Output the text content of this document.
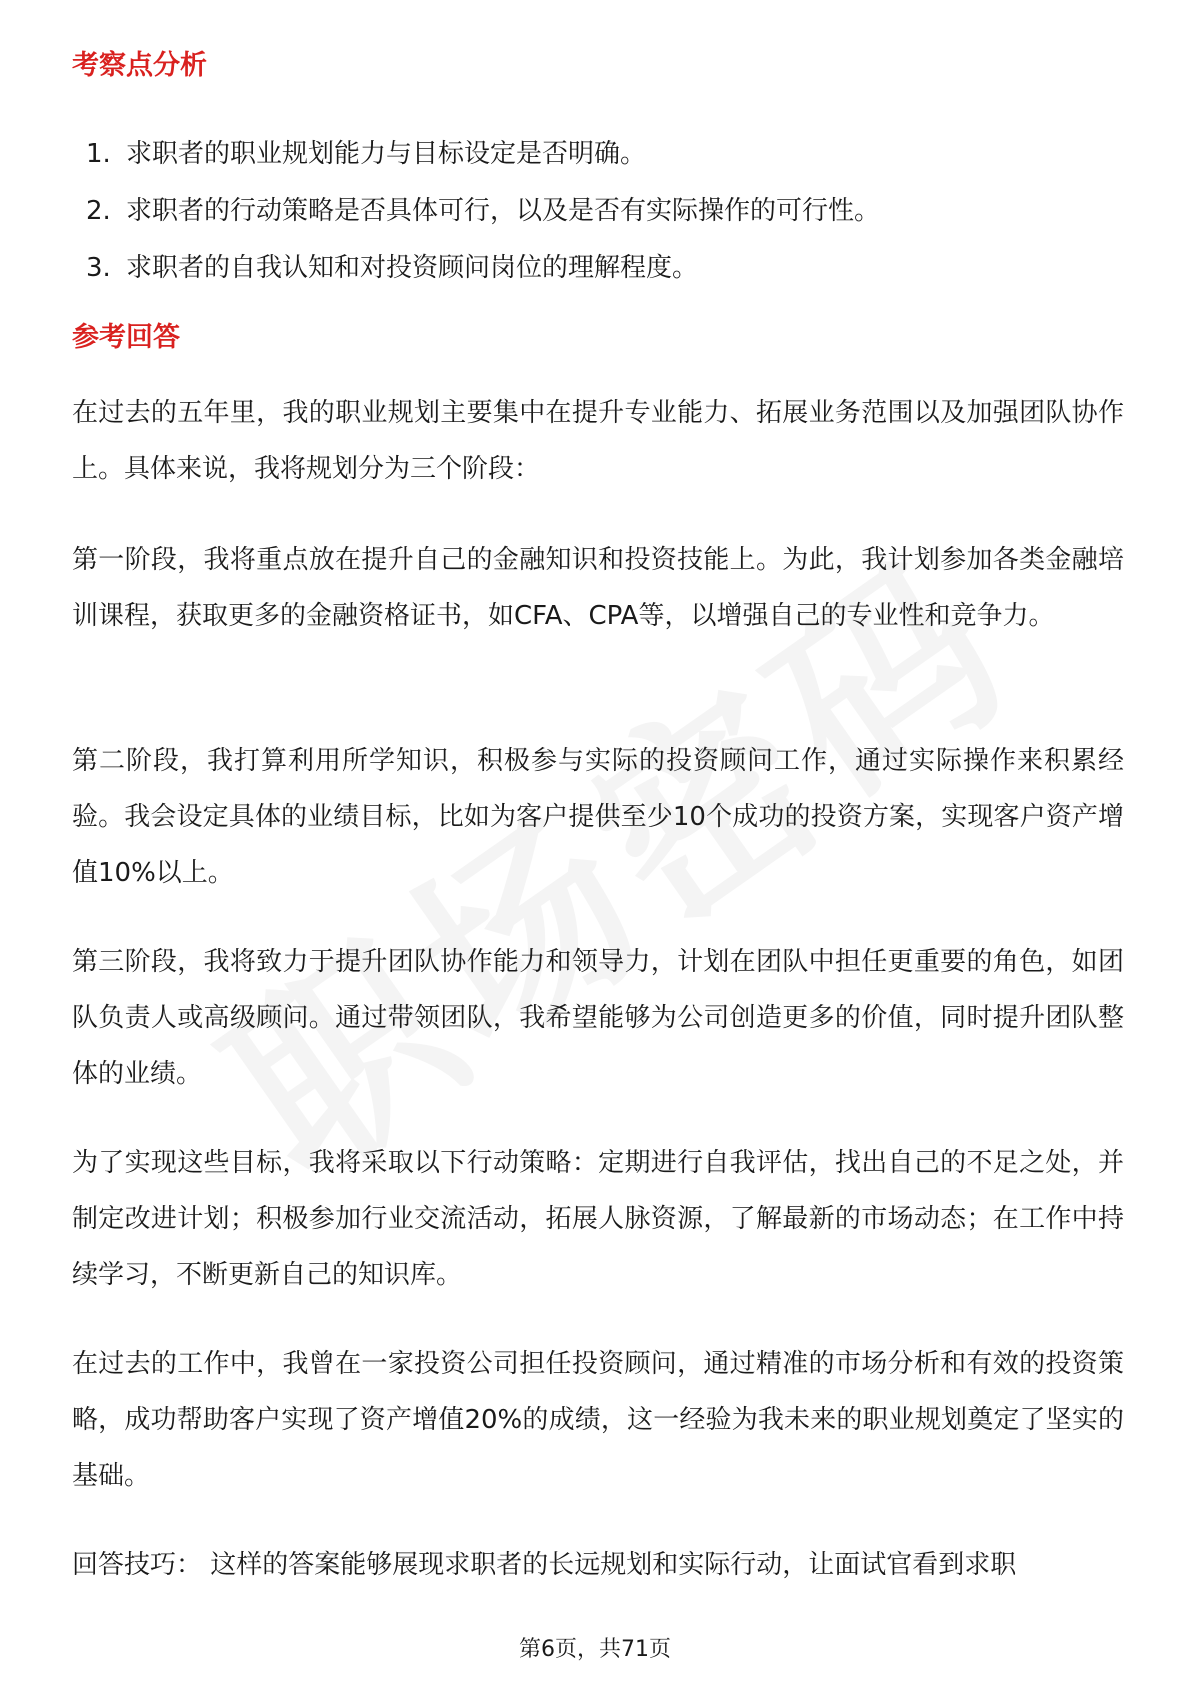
考察点分析
1. 求职者的职业规划能力与目标设定是否明确。
2. 求职者的行动策略是否具体可行，以及是否有实际操作的可行性。
3. 求职者的自我认知和对投资顾问岗位的理解程度。
参考回答

在过去的五年里，我的职业规划主要集中在提升专业能力、拓展业务范围以及加强团队协作上。具体来说，我将规划分为三个阶段：

第一阶段，我将重点放在提升自己的金融知识和投资技能上。为此，我计划参加各类金融培训课程，获取更多的金融资格证书，如CFA、CPA等，以增强自己的专业性和竞争力。

第二阶段，我打算利用所学知识，积极参与实际的投资顾问工作，通过实际操作来积累经验。我会设定具体的业绩目标，比如为客户提供至少10个成功的投资方案，实现客户资产增值10%以上。

第三阶段，我将致力于提升团队协作能力和领导力，计划在团队中担任更重要的角色，如团队负责人或高级顾问。通过带领团队，我希望能够为公司创造更多的价值，同时提升团队整体的业绩。

为了实现这些目标，我将采取以下行动策略：定期进行自我评估，找出自己的不足之处，并制定改进计划；积极参加行业交流活动，拓展人脉资源，了解最新的市场动态；在工作中持续学习，不断更新自己的知识库。

在过去的工作中，我曾在一家投资公司担任投资顾问，通过精准的市场分析和有效的投资策略，成功帮助客户实现了资产增值20%的成绩，这一经验为我未来的职业规划奠定了坚实的基础。

回答技巧： 这样的答案能够展现求职者的长远规划和实际行动，让面试官看到求职

第6页，共71页
